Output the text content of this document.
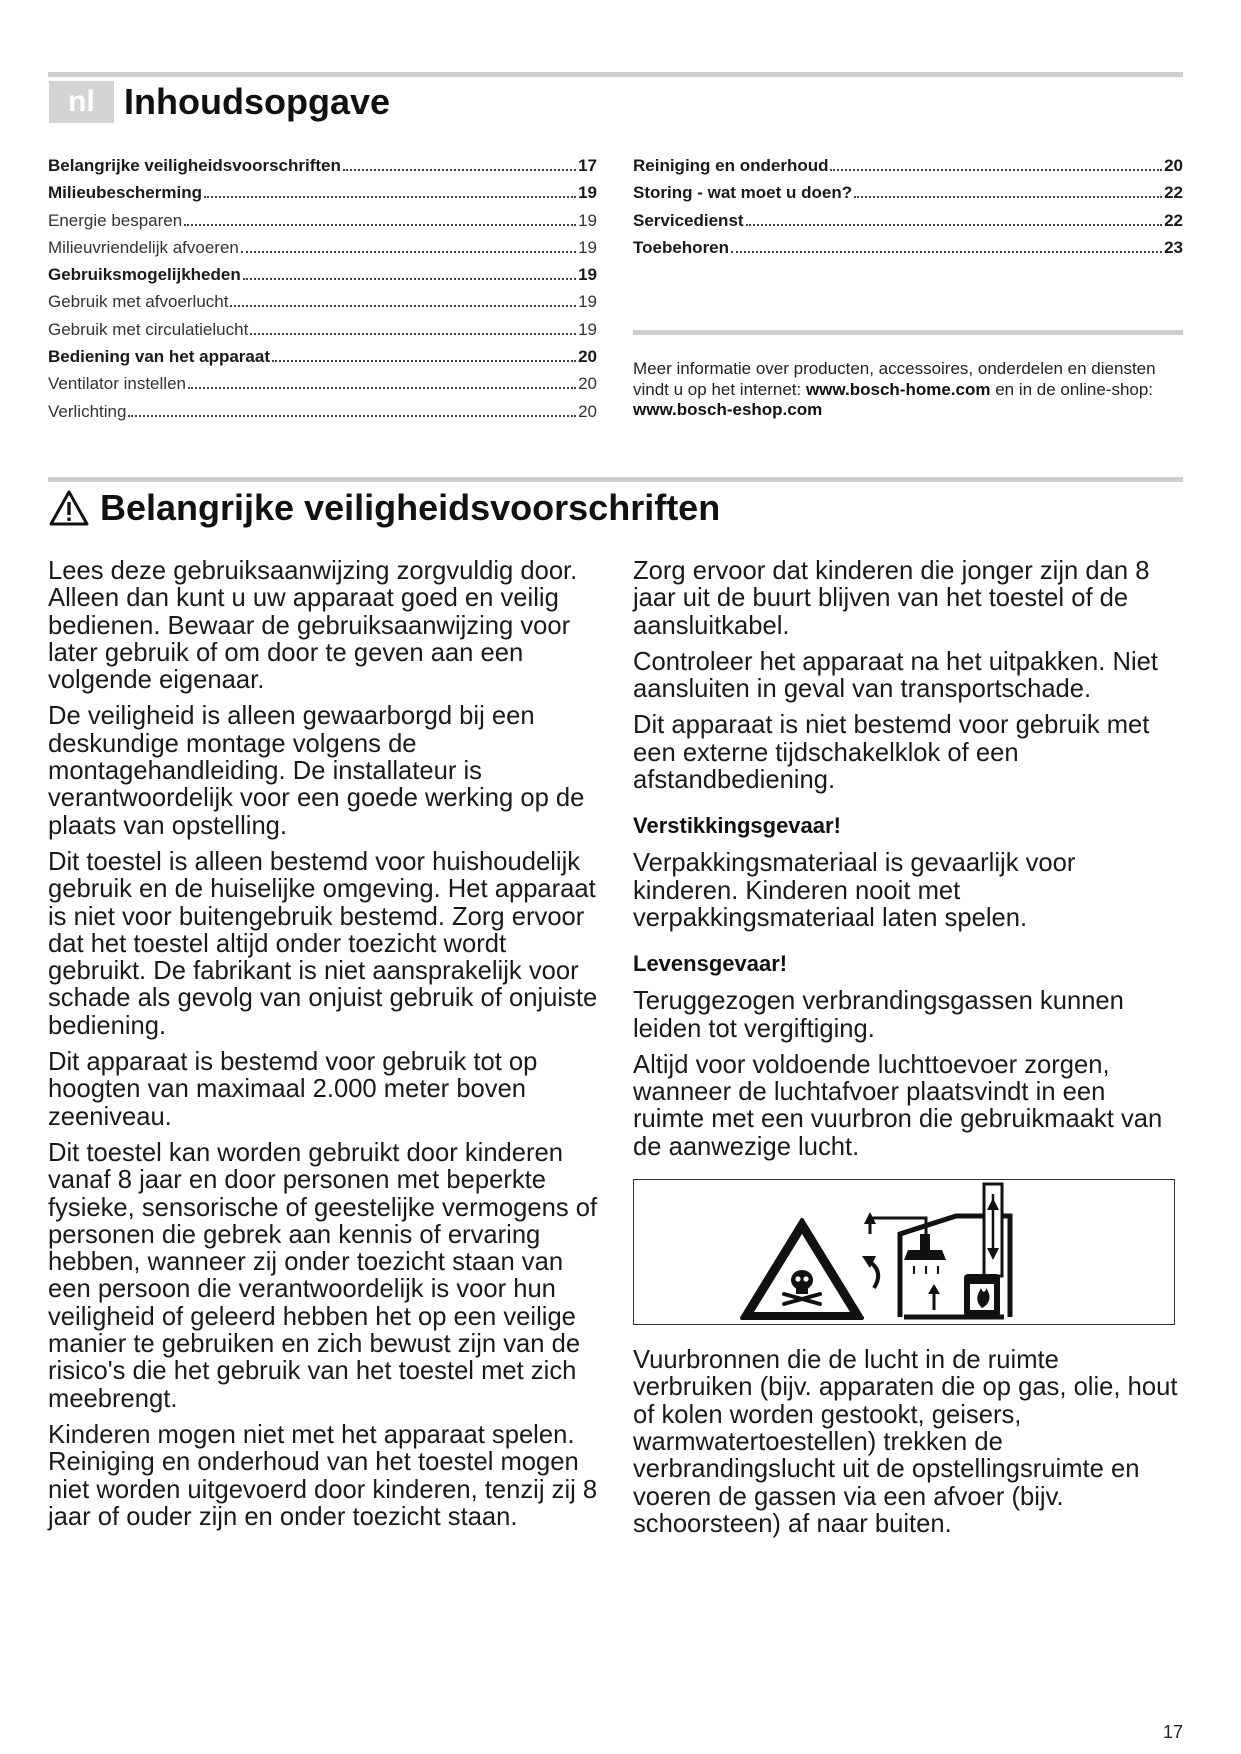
nl Inhoudsopgave
Belangrijke veiligheidsvoorschriften	17
Milieubescherming	19
Energie besparen	19
Milieuvriendelijk afvoeren	19
Gebruiksmogelijkheden	19
Gebruik met afvoerlucht	19
Gebruik met circulatielucht	19
Bediening van het apparaat	20
Ventilator instellen	20
Verlichting	20
Reiniging en onderhoud	20
Storing - wat moet u doen?	22
Servicedienst	22
Toebehoren	23
Meer informatie over producten, accessoires, onderdelen en diensten vindt u op het internet: www.bosch-home.com en in de online-shop: www.bosch-eshop.com
Belangrijke veiligheidsvoorschriften

Lees deze gebruiksaanwijzing zorgvuldig door. Alleen dan kunt u uw apparaat goed en veilig bedienen. Bewaar de gebruiksaanwijzing voor later gebruik of om door te geven aan een volgende eigenaar.

De veiligheid is alleen gewaarborgd bij een deskundige montage volgens de montagehandleiding. De installateur is verantwoordelijk voor een goede werking op de plaats van opstelling.

Dit toestel is alleen bestemd voor huishoudelijk gebruik en de huiselijke omgeving. Het apparaat is niet voor buitengebruik bestemd. Zorg ervoor dat het toestel altijd onder toezicht wordt gebruikt. De fabrikant is niet aansprakelijk voor schade als gevolg van onjuist gebruik of onjuiste bediening.

Dit apparaat is bestemd voor gebruik tot op hoogten van maximaal 2.000 meter boven zeeniveau.

Dit toestel kan worden gebruikt door kinderen vanaf 8 jaar en door personen met beperkte fysieke, sensorische of geestelijke vermogens of personen die gebrek aan kennis of ervaring hebben, wanneer zij onder toezicht staan van een persoon die verantwoordelijk is voor hun veiligheid of geleerd hebben het op een veilige manier te gebruiken en zich bewust zijn van de risico's die het gebruik van het toestel met zich meebrengt.

Kinderen mogen niet met het apparaat spelen. Reiniging en onderhoud van het toestel mogen niet worden uitgevoerd door kinderen, tenzij zij 8 jaar of ouder zijn en onder toezicht staan.

Zorg ervoor dat kinderen die jonger zijn dan 8 jaar uit de buurt blijven van het toestel of de aansluitkabel.

Controleer het apparaat na het uitpakken. Niet aansluiten in geval van transportschade.

Dit apparaat is niet bestemd voor gebruik met een externe tijdschakelklok of een afstandbediening.

Verstikkingsgevaar!

Verpakkingsmateriaal is gevaarlijk voor kinderen. Kinderen nooit met verpakkingsmateriaal laten spelen.

Levensgevaar!

Teruggezogen verbrandingsgassen kunnen leiden tot vergiftiging.

Altijd voor voldoende luchttoevoer zorgen, wanneer de luchtafvoer plaatsvindt in een ruimte met een vuurbron die gebruikmaakt van de aanwezige lucht.

Vuurbronnen die de lucht in de ruimte verbruiken (bijv. apparaten die op gas, olie, hout of kolen worden gestookt, geisers, warmwatertoestellen) trekken de verbrandingslucht uit de opstellingsruimte en voeren de gassen via een afvoer (bijv. schoorsteen) af naar buiten.

17
